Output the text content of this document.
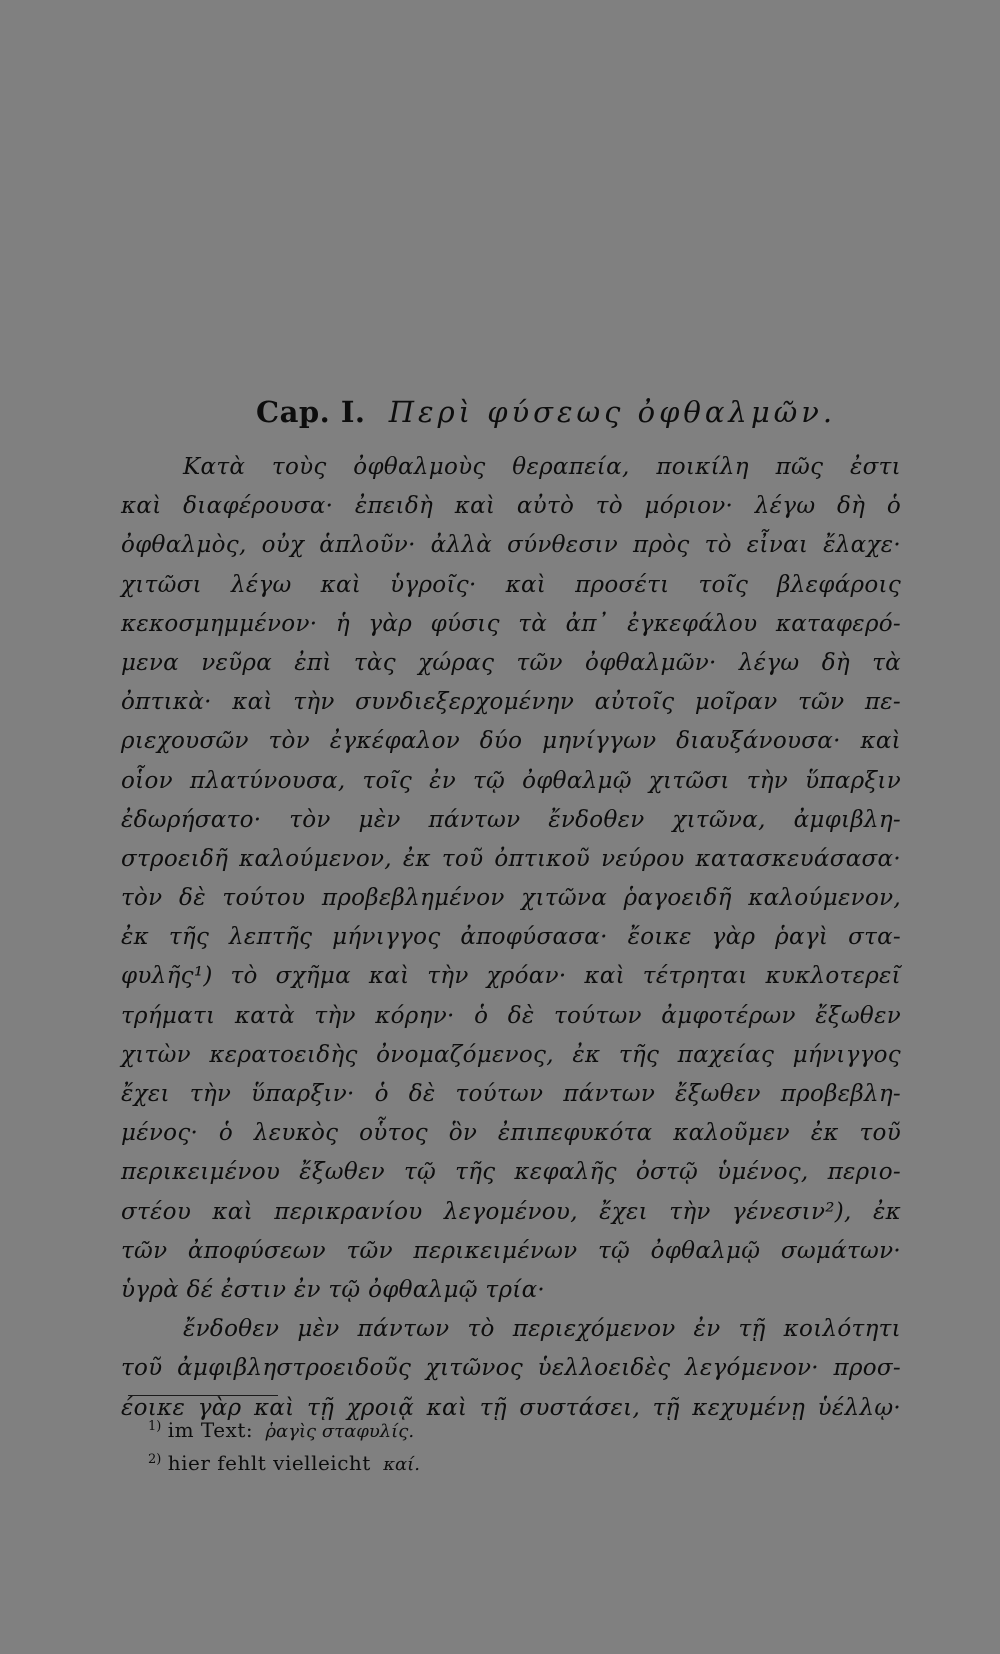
Cap. I. Περὶ φύσεως ὀφθαλμῶν.
Κατὰ τοὺς ὀφθαλμοὺς θεραπεία, ποικίλη πῶς ἐστι
καὶ διαφέρουσα· ἐπειδὴ καὶ αὐτὸ τὸ μόριον· λέγω δὴ ὁ
ὀφθαλμὸς, οὐχ ἁπλοῦν· ἀλλὰ σύνθεσιν πρὸς τὸ εἶναι ἔλαχε·
χιτῶσι λέγω καὶ ὑγροῖς· καὶ προσέτι τοῖς βλεφάροις
κεκοσμημμένον· ἡ γὰρ φύσις τὰ ἀπ᾽ ἐγκεφάλου καταφερό-
μενα νεῦρα ἐπὶ τὰς χώρας τῶν ὀφθαλμῶν· λέγω δὴ τὰ
ὀπτικὰ· καὶ τὴν συνδιεξερχομένην αὐτοῖς μοῖραν τῶν πε-
ριεχουσῶν τὸν ἐγκέφαλον δύο μηνίγγων διαυξάνουσα· καὶ
οἷον πλατύνουσα, τοῖς ἐν τῷ ὀφθαλμῷ χιτῶσι τὴν ὕπαρξιν
ἐδωρήσατο· τὸν μὲν πάντων ἔνδοθεν χιτῶνα, ἀμφιβλη-
στροειδῆ καλούμενον, ἐκ τοῦ ὀπτικοῦ νεύρου κατασκευάσασα·
τὸν δὲ τούτου προβεβλημένον χιτῶνα ῥαγοειδῆ καλούμενον,
ἐκ τῆς λεπτῆς μήνιγγος ἀποφύσασα· ἔοικε γὰρ ῥαγὶ στα-
φυλῆς¹) τὸ σχῆμα καὶ τὴν χρόαν· καὶ τέτρηται κυκλοτερεῖ
τρήματι κατὰ τὴν κόρην· ὁ δὲ τούτων ἀμφοτέρων ἔξωθεν
χιτὼν κερατοειδὴς ὀνομαζόμενος, ἐκ τῆς παχείας μήνιγγος
ἔχει τὴν ὕπαρξιν· ὁ δὲ τούτων πάντων ἔξωθεν προβεβλη-
μένος· ὁ λευκὸς οὗτος ὃν ἐπιπεφυκότα καλοῦμεν ἐκ τοῦ
περικειμένου ἔξωθεν τῷ τῆς κεφαλῆς ὀστῷ ὑμένος, περιο-
στέου καὶ περικρανίου λεγομένου, ἔχει τὴν γένεσιν²), ἐκ
τῶν ἀποφύσεων τῶν περικειμένων τῷ ὀφθαλμῷ σωμάτων·
ὑγρὰ δέ ἐστιν ἐν τῷ ὀφθαλμῷ τρία·
ἔνδοθεν μὲν πάντων τὸ περιεχόμενον ἐν τῇ κοιλότητι
τοῦ ἀμφιβληστροειδοῦς χιτῶνος ὑελλοειδὲς λεγόμενον· προσ-
έοικε γὰρ καὶ τῇ χροιᾷ καὶ τῇ συστάσει, τῇ κεχυμένῃ ὑέλλῳ·
$^{1)}$ im Text: ῥαγὶς σταφυλίς.
$^{2)}$ hier fehlt vielleicht καί.
